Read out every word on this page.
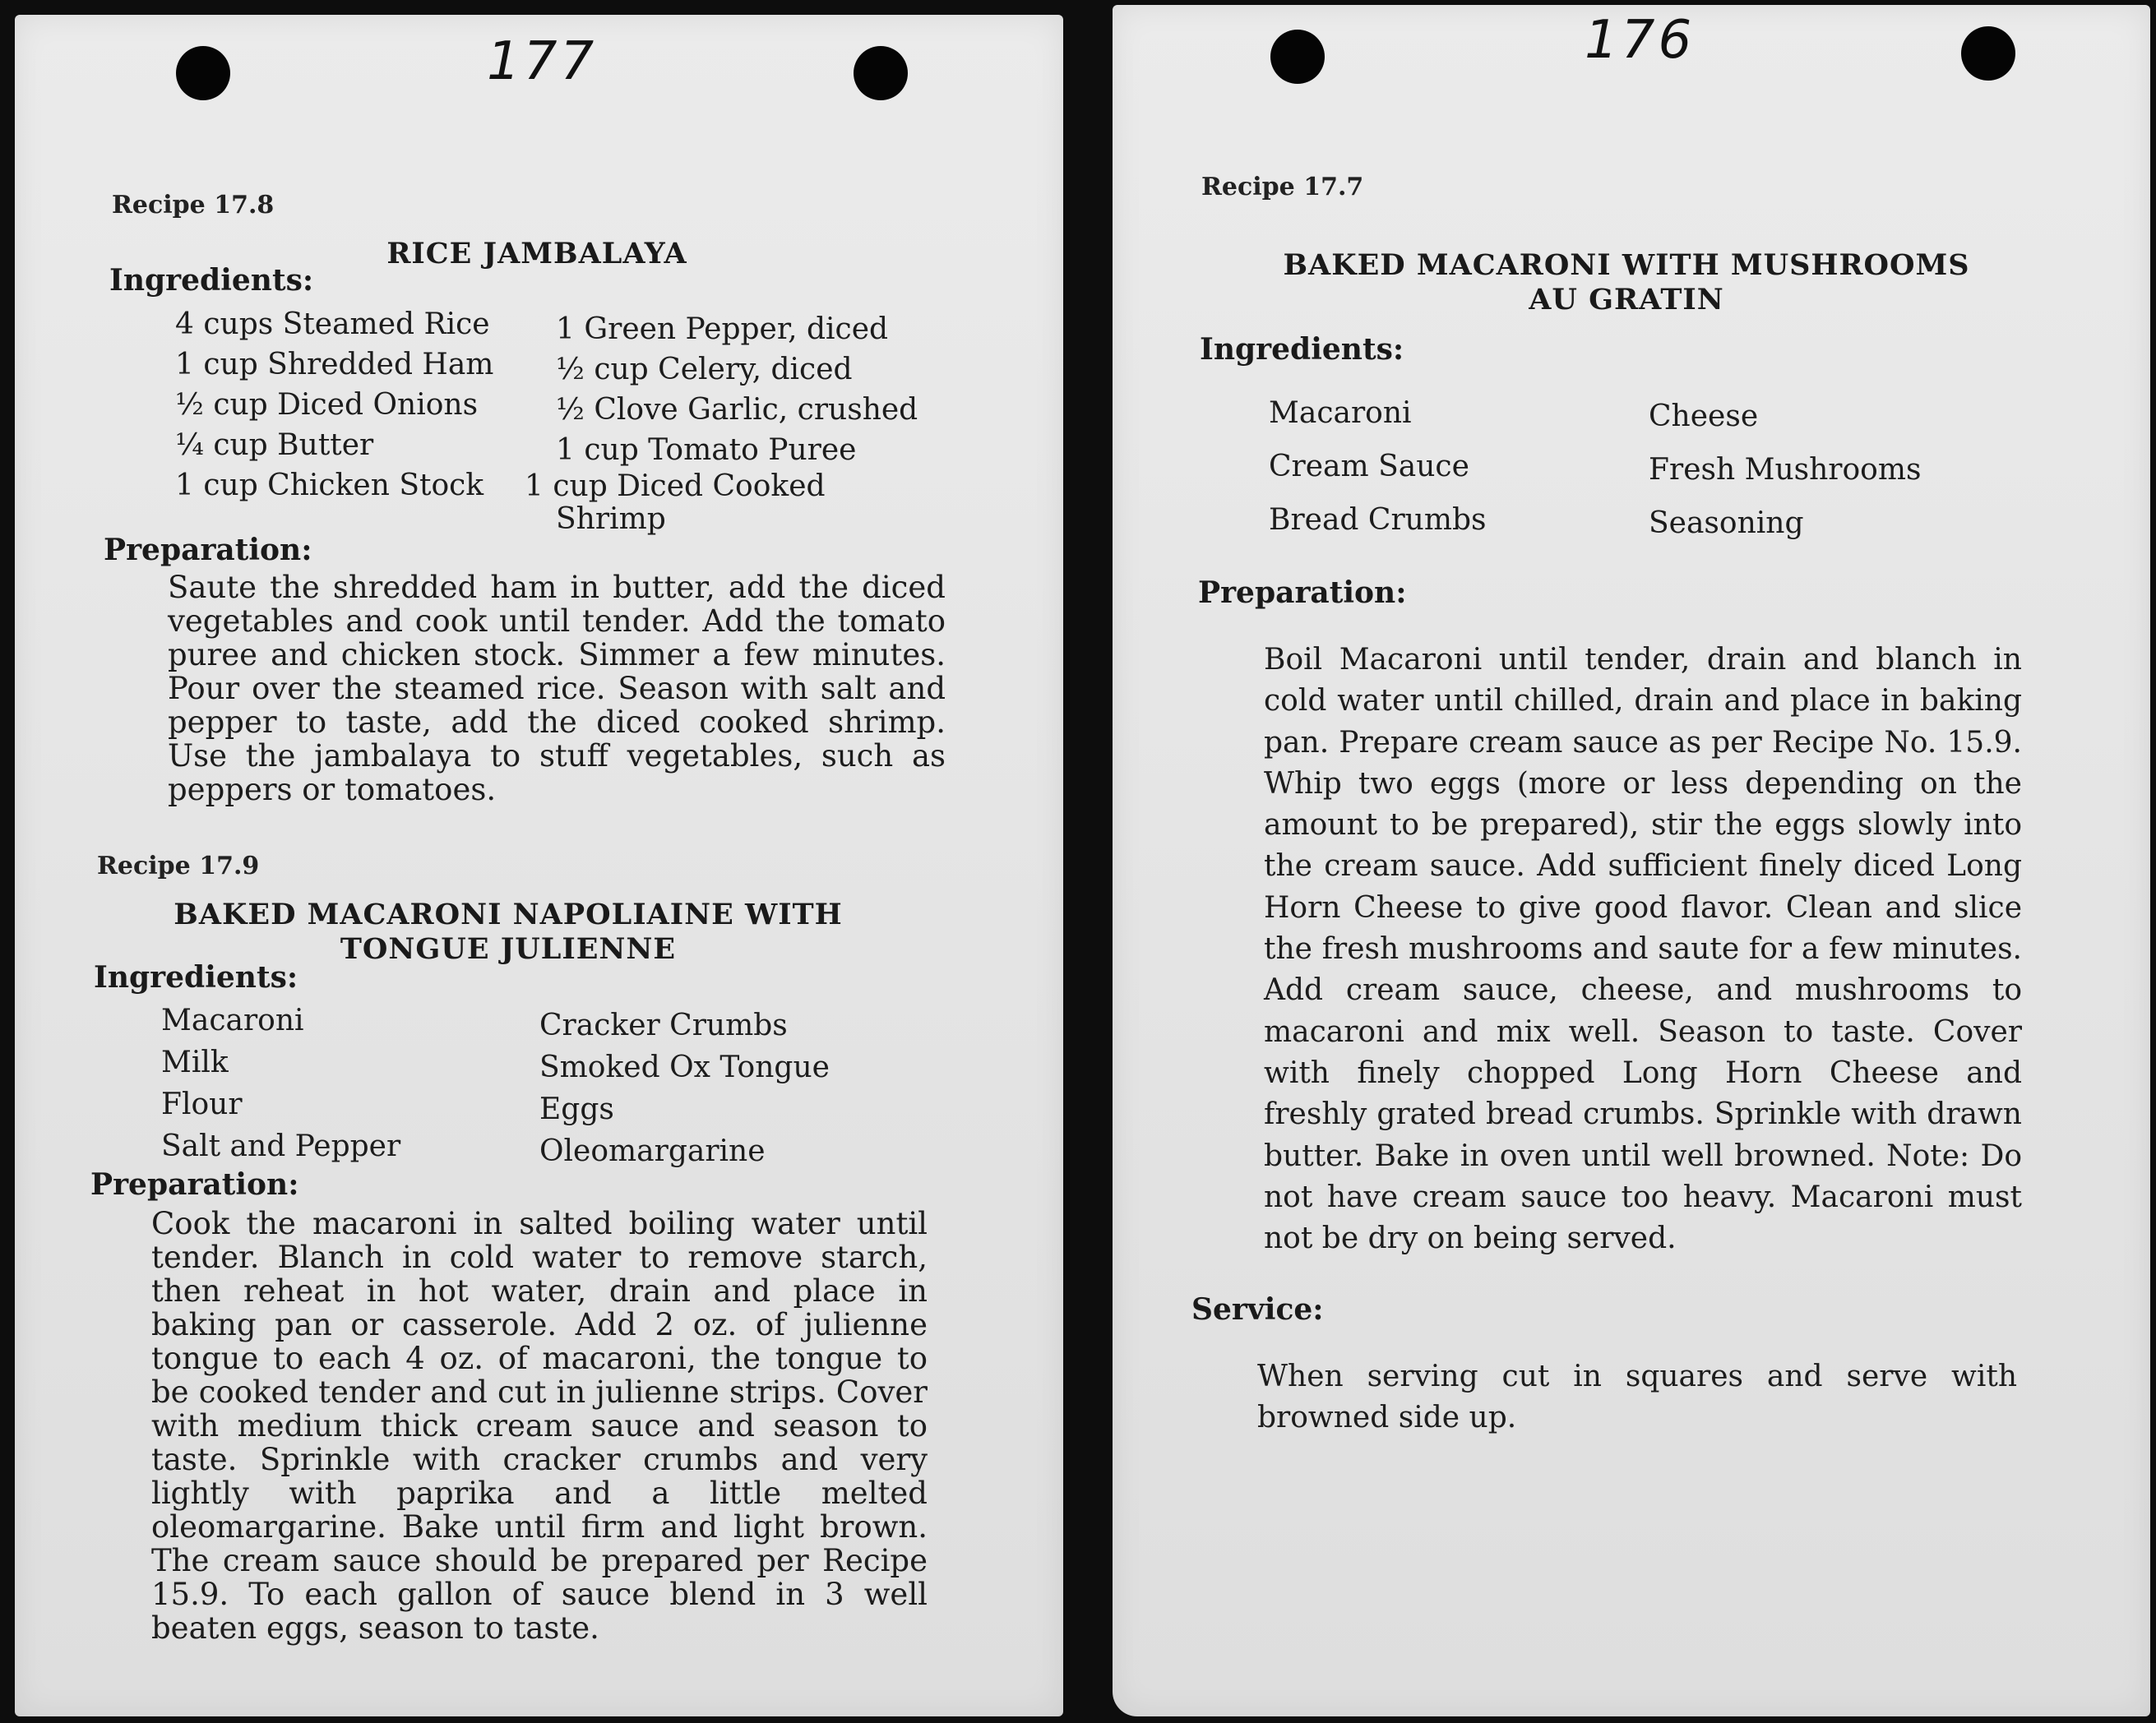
177
Recipe 17.8
RICE JAMBALAYA
Ingredients:
4 cups Steamed Rice
1 cup Shredded Ham
½ cup Diced Onions
¼ cup Butter
1 cup Chicken Stock
1 Green Pepper, diced
½ cup Celery, diced
½ Clove Garlic, crushed
1 cup Tomato Puree
1 cup Diced Cooked Shrimp
Preparation:

Saute the shredded ham in butter, add the diced vegetables and cook until tender. Add the tomato puree and chicken stock. Simmer a few minutes. Pour over the steamed rice. Season with salt and pepper to taste, add the diced cooked shrimp. Use the jambalaya to stuff vegetables, such as peppers or tomatoes.

Recipe 17.9
BAKED MACARONI NAPOLIAINE WITH TONGUE JULIENNE
Ingredients:
Macaroni
Milk
Flour
Salt and Pepper
Cracker Crumbs
Smoked Ox Tongue
Eggs
Oleomargarine
Preparation:

Cook the macaroni in salted boiling water until tender. Blanch in cold water to remove starch, then reheat in hot water, drain and place in baking pan or casserole. Add 2 oz. of julienne tongue to each 4 oz. of macaroni, the tongue to be cooked tender and cut in julienne strips. Cover with medium thick cream sauce and season to taste. Sprinkle with cracker crumbs and very lightly with paprika and a little melted oleomargarine. Bake until firm and light brown. The cream sauce should be prepared per Recipe 15.9. To each gallon of sauce blend in 3 well beaten eggs, season to taste.

176
Recipe 17.7
BAKED MACARONI WITH MUSHROOMS AU GRATIN
Ingredients:
Macaroni
Cream Sauce
Bread Crumbs
Cheese
Fresh Mushrooms
Seasoning
Preparation:

Boil Macaroni until tender, drain and blanch in cold water until chilled, drain and place in baking pan. Prepare cream sauce as per Recipe No. 15.9. Whip two eggs (more or less depending on the amount to be prepared), stir the eggs slowly into the cream sauce. Add sufficient finely diced Long Horn Cheese to give good flavor. Clean and slice the fresh mushrooms and saute for a few minutes. Add cream sauce, cheese, and mushrooms to macaroni and mix well. Season to taste. Cover with finely chopped Long Horn Cheese and freshly grated bread crumbs. Sprinkle with drawn butter. Bake in oven until well browned. Note: Do not have cream sauce too heavy. Macaroni must not be dry on being served.

Service:

When serving cut in squares and serve with browned side up.
